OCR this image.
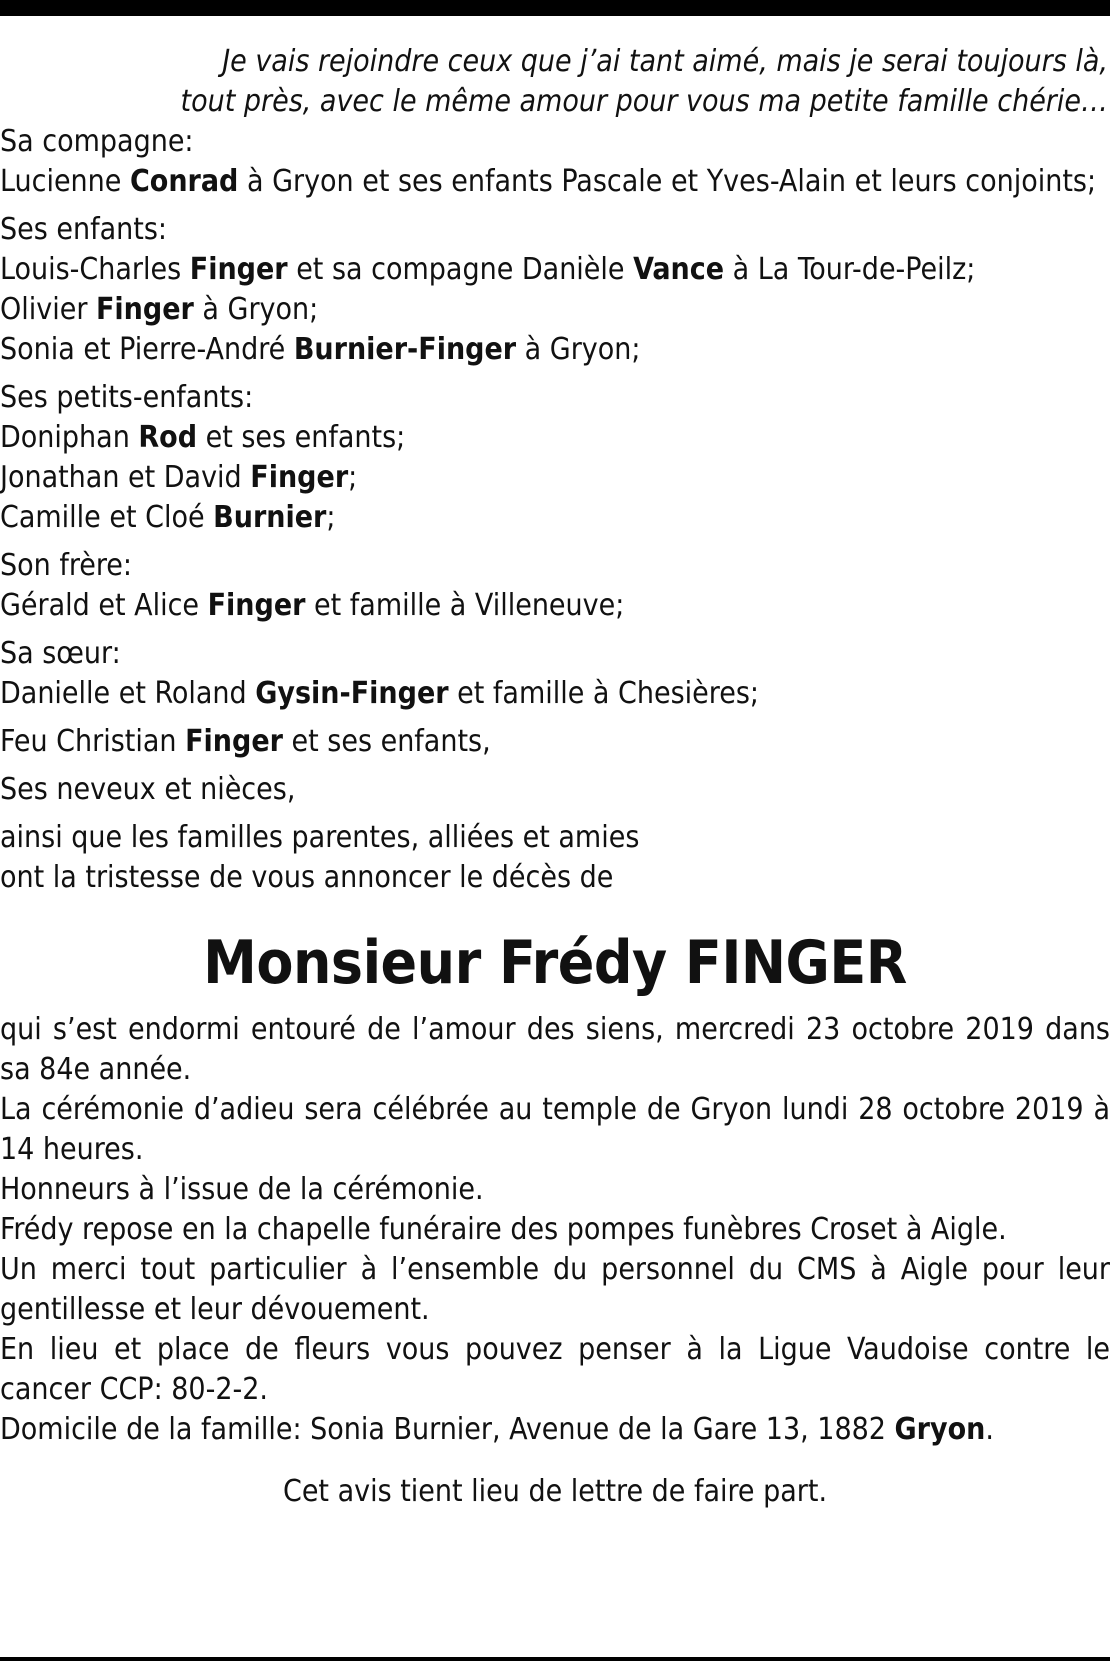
Je vais rejoindre ceux que j’ai tant aimé, mais je serai toujours là,
tout près, avec le même amour pour vous ma petite famille chérie…
Sa compagne:
Lucienne Conrad à Gryon et ses enfants Pascale et Yves-Alain et leurs conjoints;
Ses enfants:
Louis-Charles Finger et sa compagne Danièle Vance à La Tour-de-Peilz;
Olivier Finger à Gryon;
Sonia et Pierre-André Burnier-Finger à Gryon;
Ses petits-enfants:
Doniphan Rod et ses enfants;
Jonathan et David Finger;
Camille et Cloé Burnier;
Son frère:
Gérald et Alice Finger et famille à Villeneuve;
Sa sœur:
Danielle et Roland Gysin-Finger et famille à Chesières;
Feu Christian Finger et ses enfants,
Ses neveux et nièces,
ainsi que les familles parentes, alliées et amies
ont la tristesse de vous annoncer le décès de
Monsieur Frédy FINGER
qui s’est endormi entouré de l’amour des siens, mercredi 23 octobre 2019 dans sa 84e année.
La cérémonie d’adieu sera célébrée au temple de Gryon lundi 28 octobre 2019 à 14 heures.
Honneurs à l’issue de la cérémonie.
Frédy repose en la chapelle funéraire des pompes funèbres Croset à Aigle.
Un merci tout particulier à l’ensemble du personnel du CMS à Aigle pour leur gentillesse et leur dévouement.
En lieu et place de fleurs vous pouvez penser à la Ligue Vaudoise contre le cancer CCP: 80-2-2.
Domicile de la famille: Sonia Burnier, Avenue de la Gare 13, 1882 Gryon.
Cet avis tient lieu de lettre de faire part.
